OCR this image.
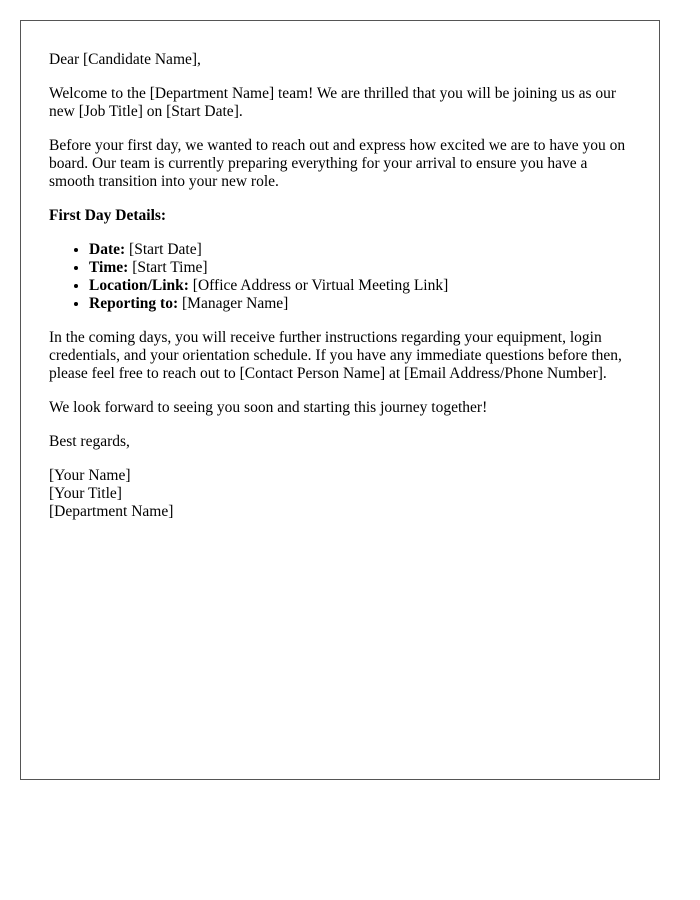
Dear [Candidate Name],

Welcome to the [Department Name] team! We are thrilled that you will be joining us as our new [Job Title] on [Start Date].

Before your first day, we wanted to reach out and express how excited we are to have you on board. Our team is currently preparing everything for your arrival to ensure you have a smooth transition into your new role.

First Day Details:

• Date: [Start Date]
• Time: [Start Time]
• Location/Link: [Office Address or Virtual Meeting Link]
• Reporting to: [Manager Name]

In the coming days, you will receive further instructions regarding your equipment, login credentials, and your orientation schedule. If you have any immediate questions before then, please feel free to reach out to [Contact Person Name] at [Email Address/Phone Number].

We look forward to seeing you soon and starting this journey together!

Best regards,

[Your Name]

[Your Title]

[Department Name]
